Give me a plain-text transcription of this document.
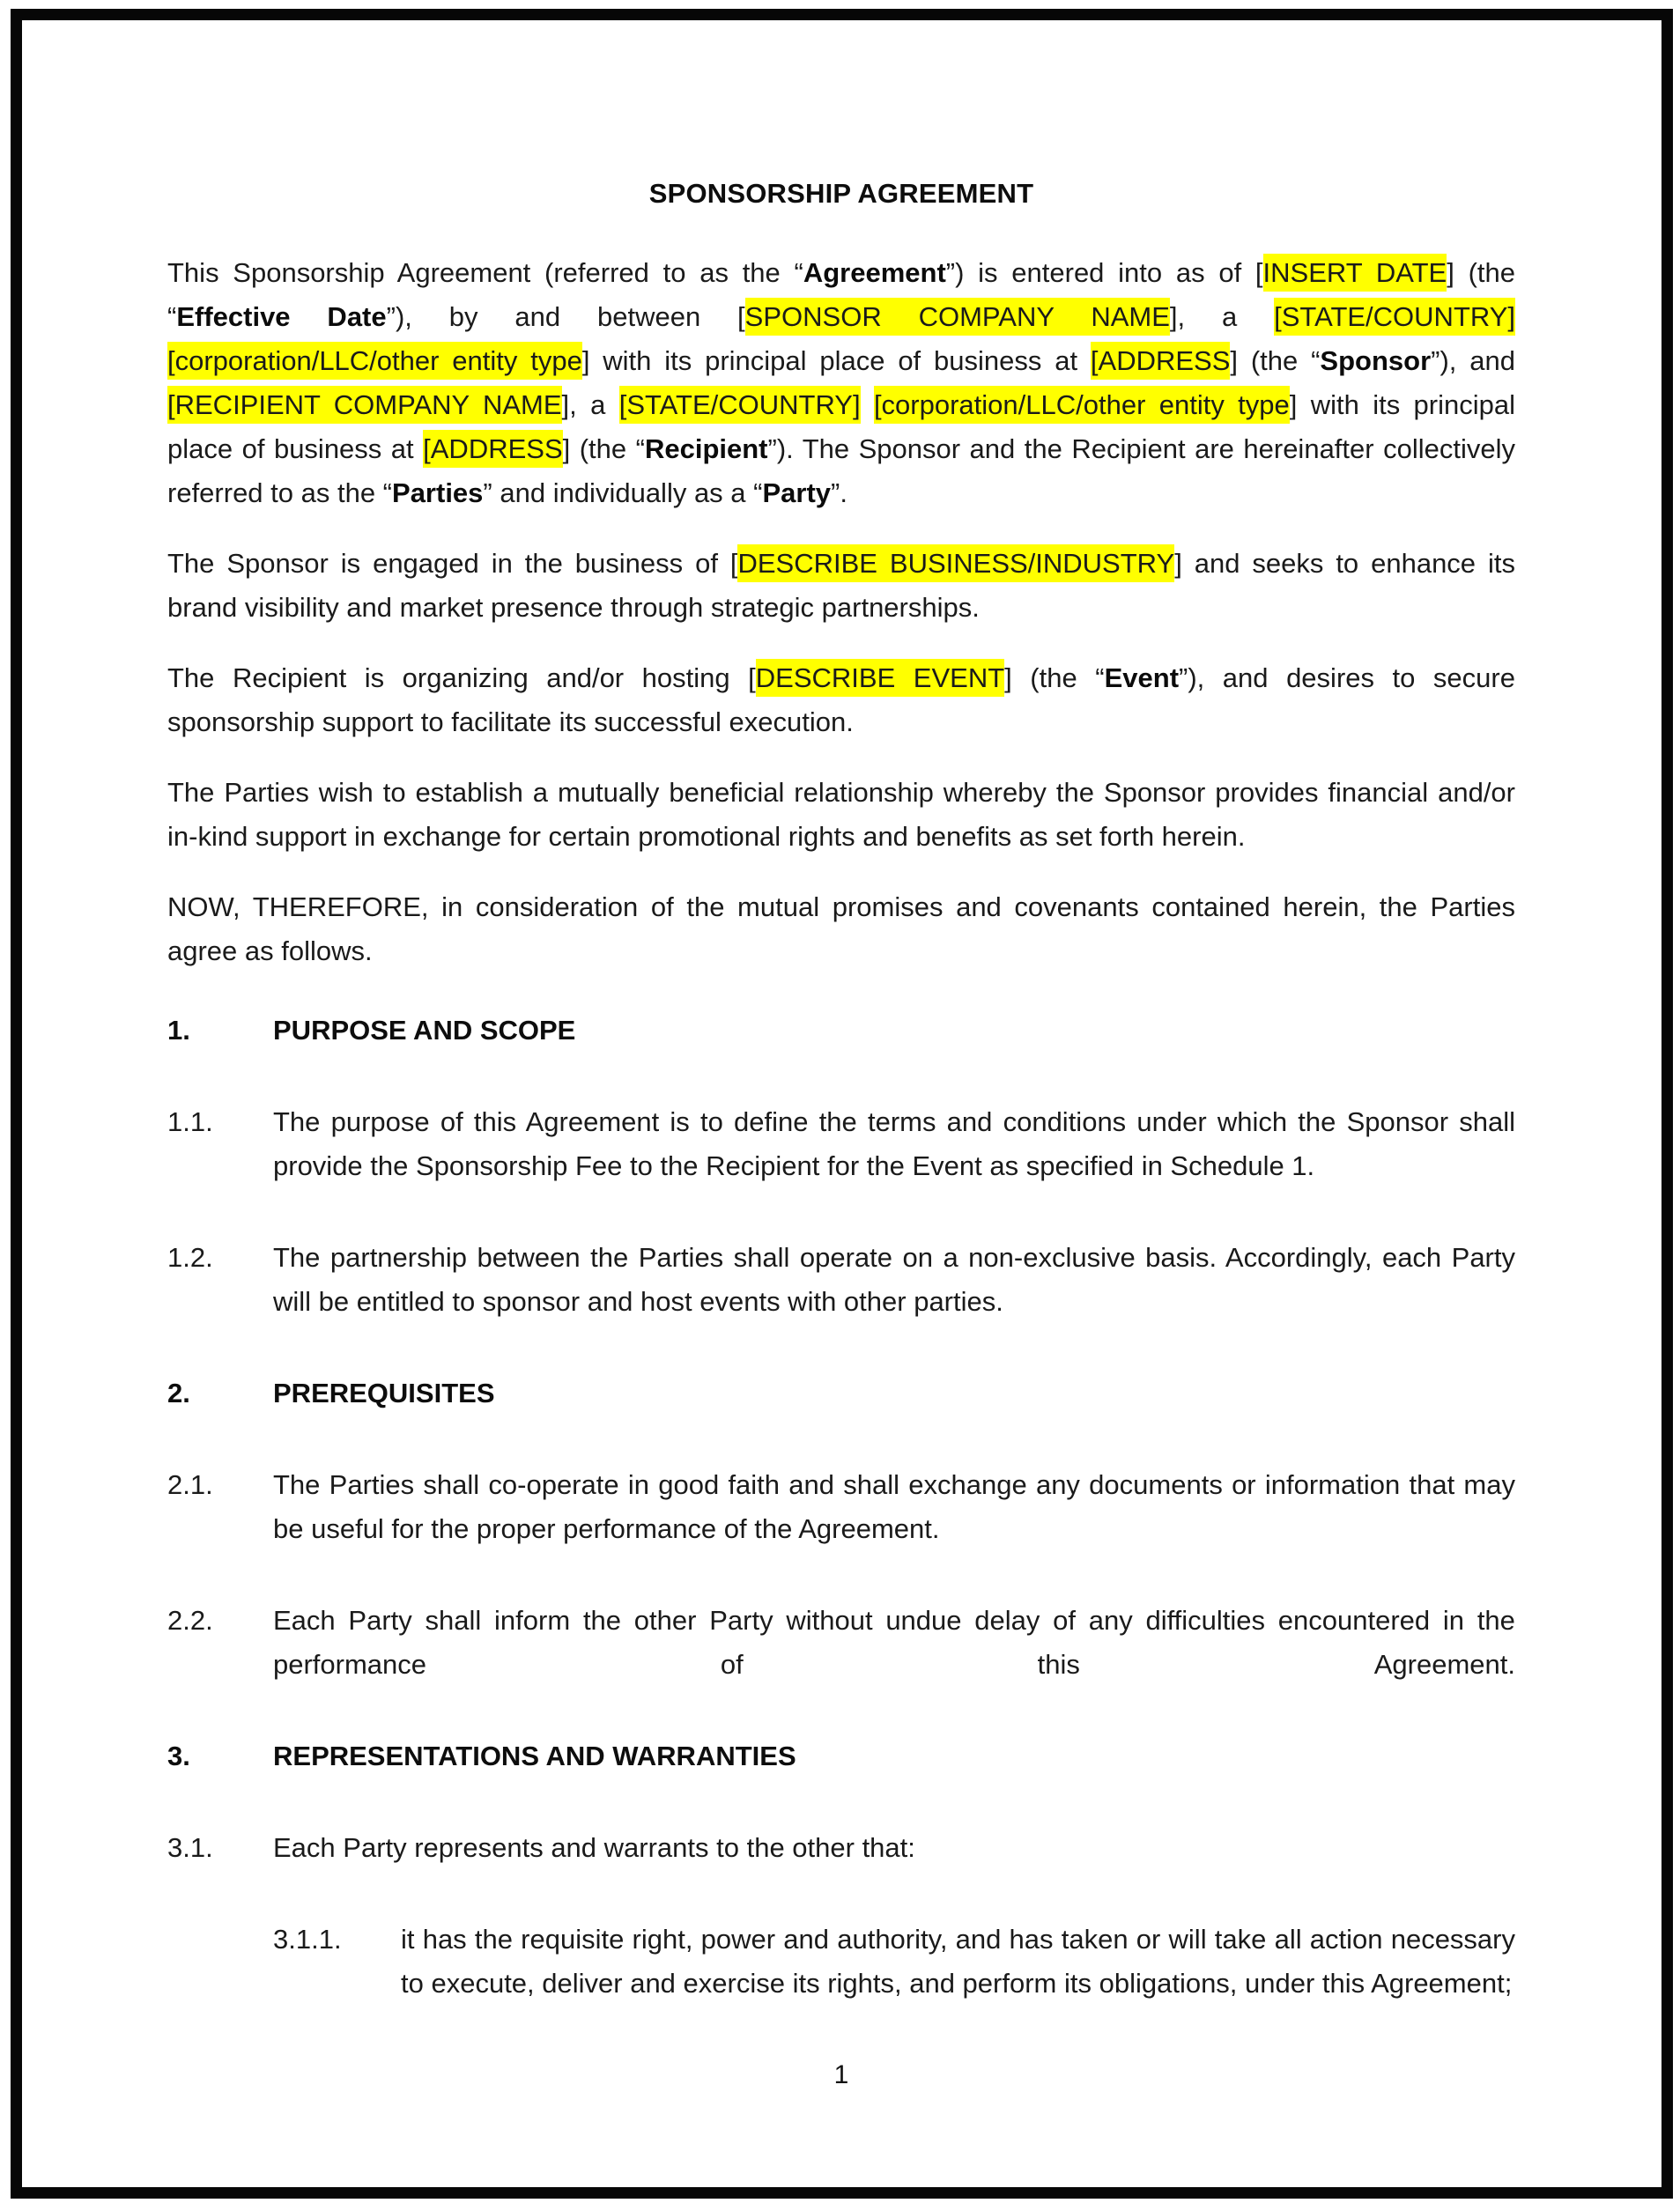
SPONSORSHIP AGREEMENT

This Sponsorship Agreement (referred to as the “Agreement”) is entered into as of [INSERT DATE] (the “Effective Date”), by and between [SPONSOR COMPANY NAME], a [STATE/COUNTRY] [corporation/LLC/other entity type] with its principal place of business at [ADDRESS] (the “Sponsor”), and [RECIPIENT COMPANY NAME], a [STATE/COUNTRY] [corporation/LLC/other entity type] with its principal place of business at [ADDRESS] (the “Recipient”). The Sponsor and the Recipient are hereinafter collectively referred to as the “Parties” and individually as a “Party”.

The Sponsor is engaged in the business of [DESCRIBE BUSINESS/INDUSTRY] and seeks to enhance its brand visibility and market presence through strategic partnerships.

The Recipient is organizing and/or hosting [DESCRIBE EVENT] (the “Event”), and desires to secure sponsorship support to facilitate its successful execution.

The Parties wish to establish a mutually beneficial relationship whereby the Sponsor provides financial and/or in-kind support in exchange for certain promotional rights and benefits as set forth herein.

NOW, THEREFORE, in consideration of the mutual promises and covenants contained herein, the Parties agree as follows.

1.	PURPOSE AND SCOPE
1.1.	The purpose of this Agreement is to define the terms and conditions under which the Sponsor shall provide the Sponsorship Fee to the Recipient for the Event as specified in Schedule 1.
1.2.	The partnership between the Parties shall operate on a non-exclusive basis. Accordingly, each Party will be entitled to sponsor and host events with other parties.
2.	PREREQUISITES
2.1.	The Parties shall co-operate in good faith and shall exchange any documents or information that may be useful for the proper performance of the Agreement.
2.2.	Each Party shall inform the other Party without undue delay of any difficulties encountered in the
performance	of	this	Agreement.
3.	REPRESENTATIONS AND WARRANTIES
3.1.	Each Party represents and warrants to the other that:
3.1.1.	it has the requisite right, power and authority, and has taken or will take all action necessary to execute, deliver and exercise its rights, and perform its obligations, under this Agreement;
1
